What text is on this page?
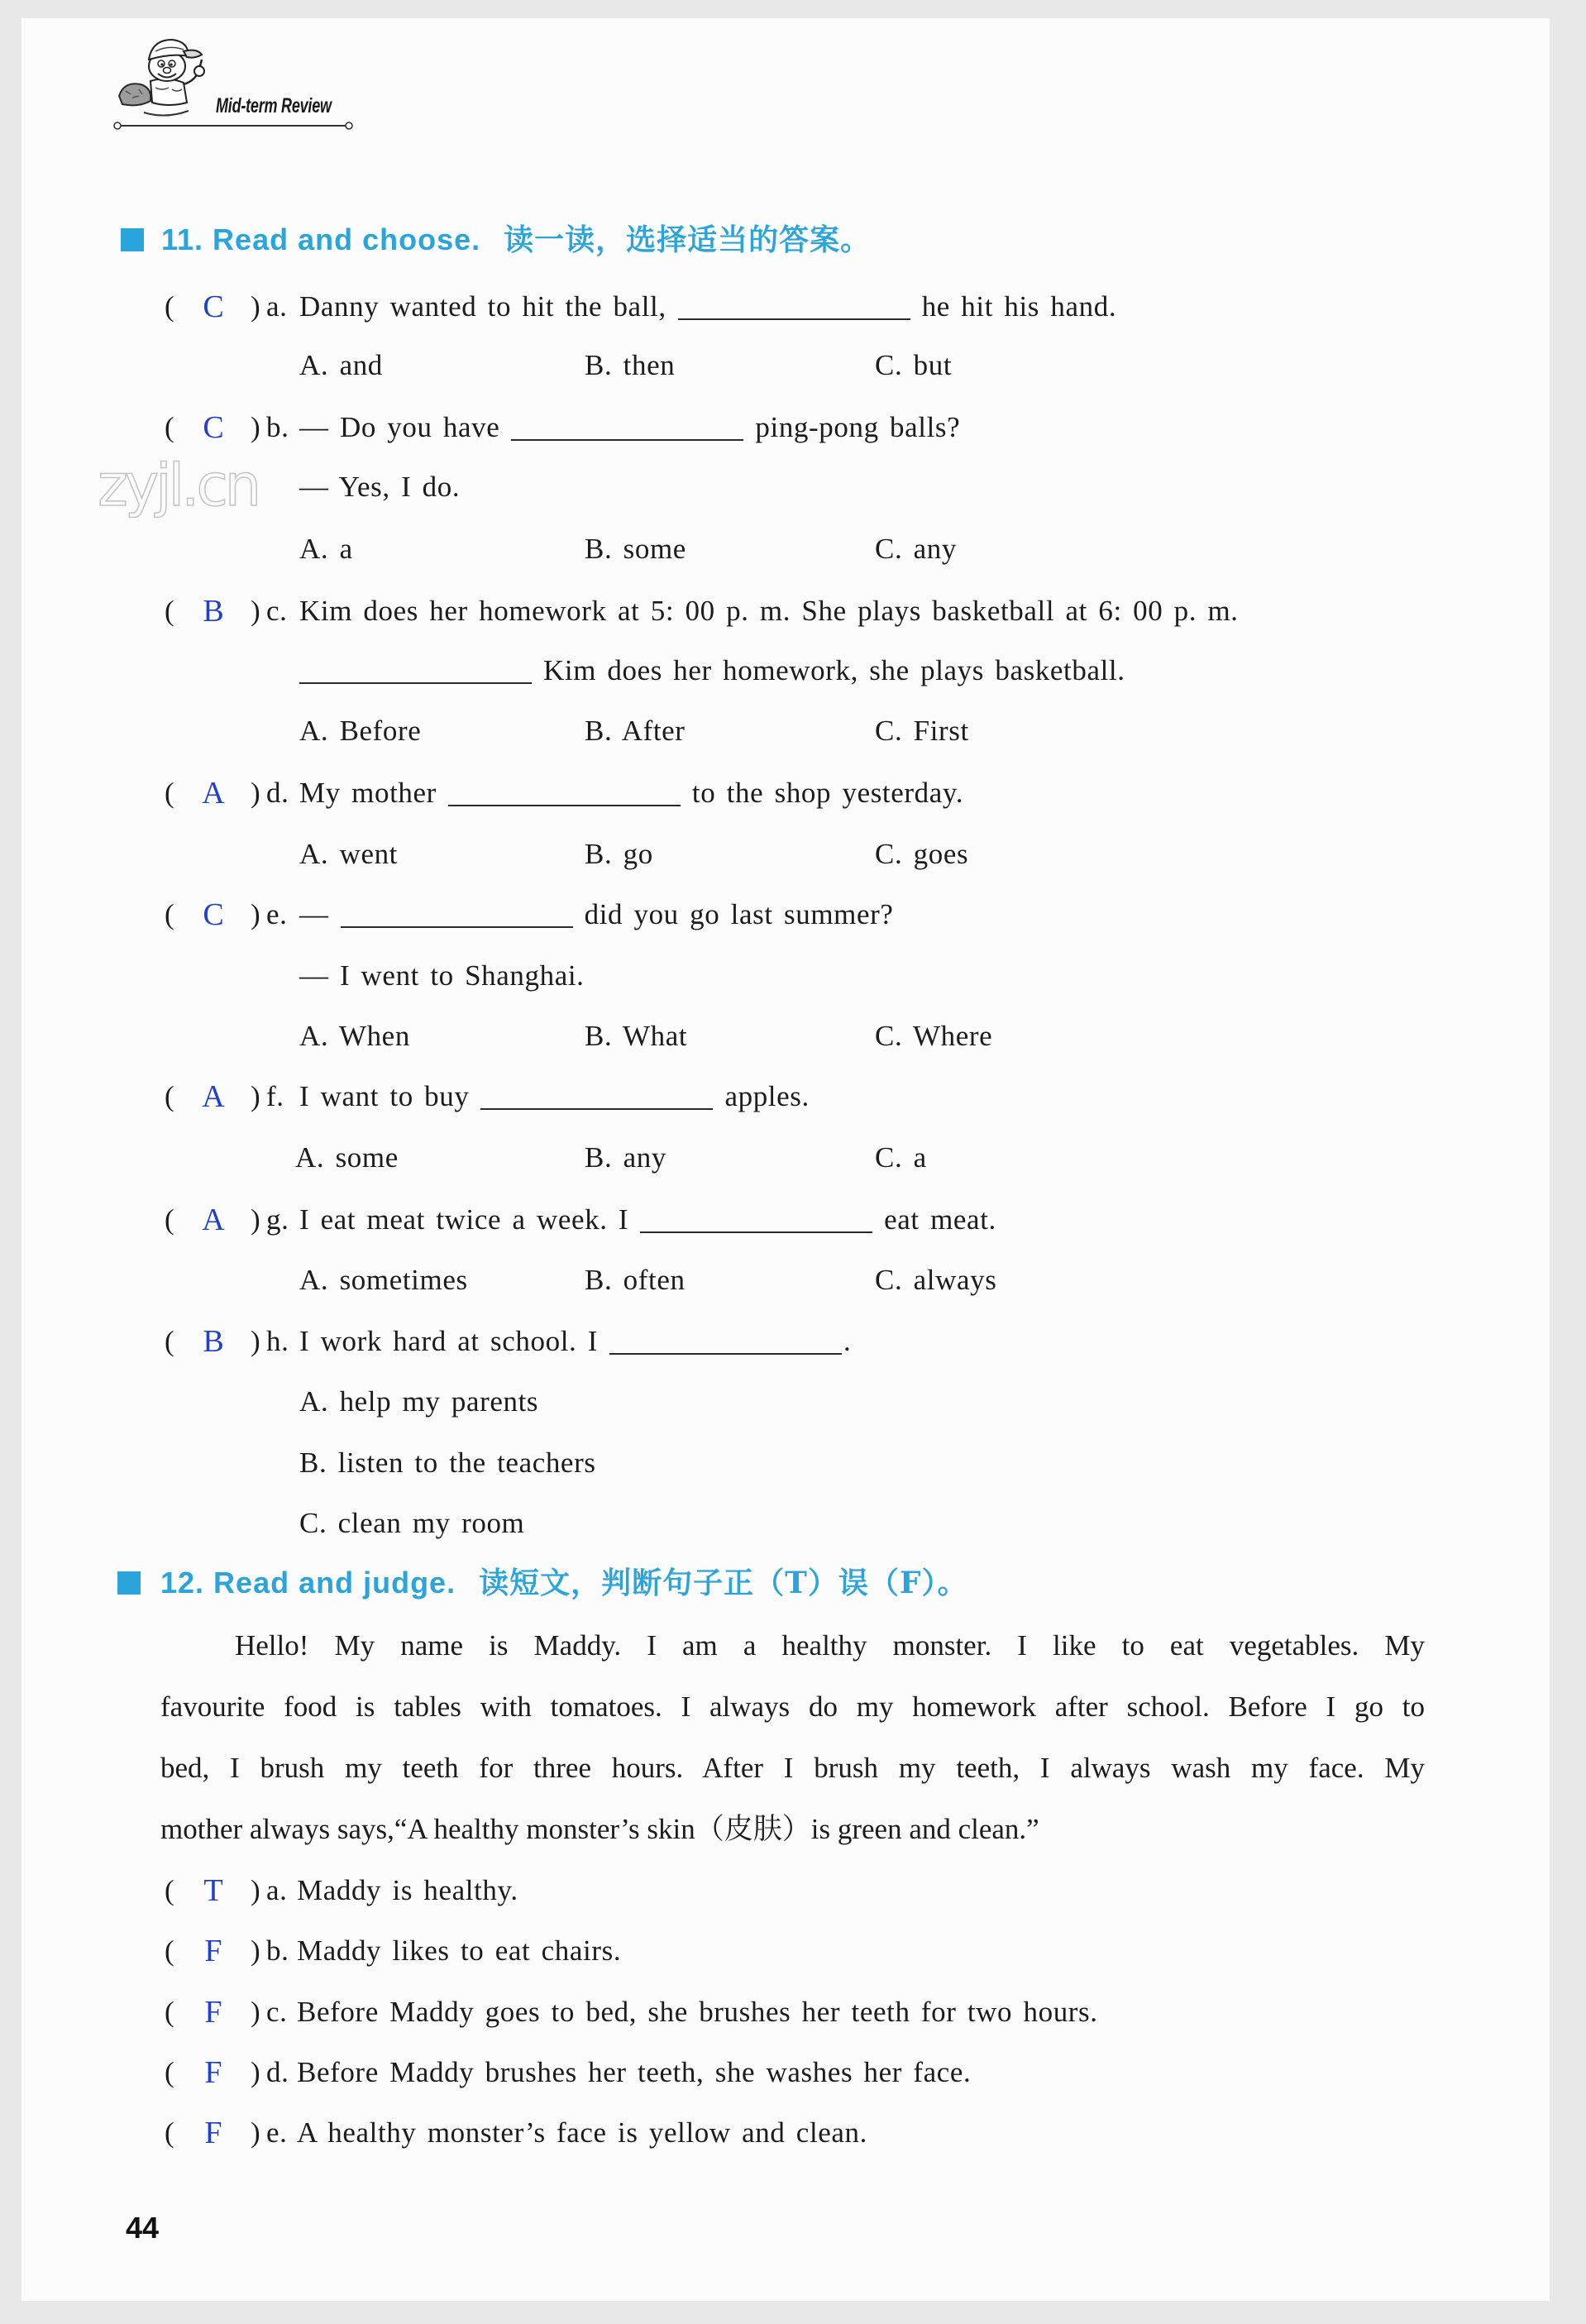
Mid-term Review
zyjl.cn
11. Read and choose. 读一读，选择适当的答案。
( C ) a. Danny wanted to hit the ball,	he hit his hand.
A. and	B. then	C. but
( C ) b. — Do you have	ping-pong balls?
— Yes, I do.
A. a	B. some	C. any
( B ) c. Kim does her homework at 5: 00 p. m. She plays basketball at 6: 00 p. m.
Kim does her homework, she plays basketball.
A. Before	B. After	C. First
( A ) d. My mother	to the shop yesterday.
A. went	B. go	C. goes
( C ) e. —	did you go last summer?
— I went to Shanghai.
A. When	B. What	C. Where
( A ) f. I want to buy	apples.
A. some	B. any	C. a
( A ) g. I eat meat twice a week. I	eat meat.
A. sometimes	B. often	C. always
( B ) h. I work hard at school. I	.
A. help my parents
B. listen to the teachers
C. clean my room
12. Read and judge. 读短文，判断句子正（T）误（F）。
Hello! My name is Maddy. I am a healthy monster. I like to eat vegetables. My
favourite food is tables with tomatoes. I always do my homework after school. Before I go to
bed, I brush my teeth for three hours. After I brush my teeth, I always wash my face. My
mother always says,“A healthy monster’s skin（皮肤）is green and clean.”
( T ) a. Maddy is healthy.
( F ) b. Maddy likes to eat chairs.
( F ) c. Before Maddy goes to bed, she brushes her teeth for two hours.
( F ) d. Before Maddy brushes her teeth, she washes her face.
( F ) e. A healthy monster’s face is yellow and clean.
44
